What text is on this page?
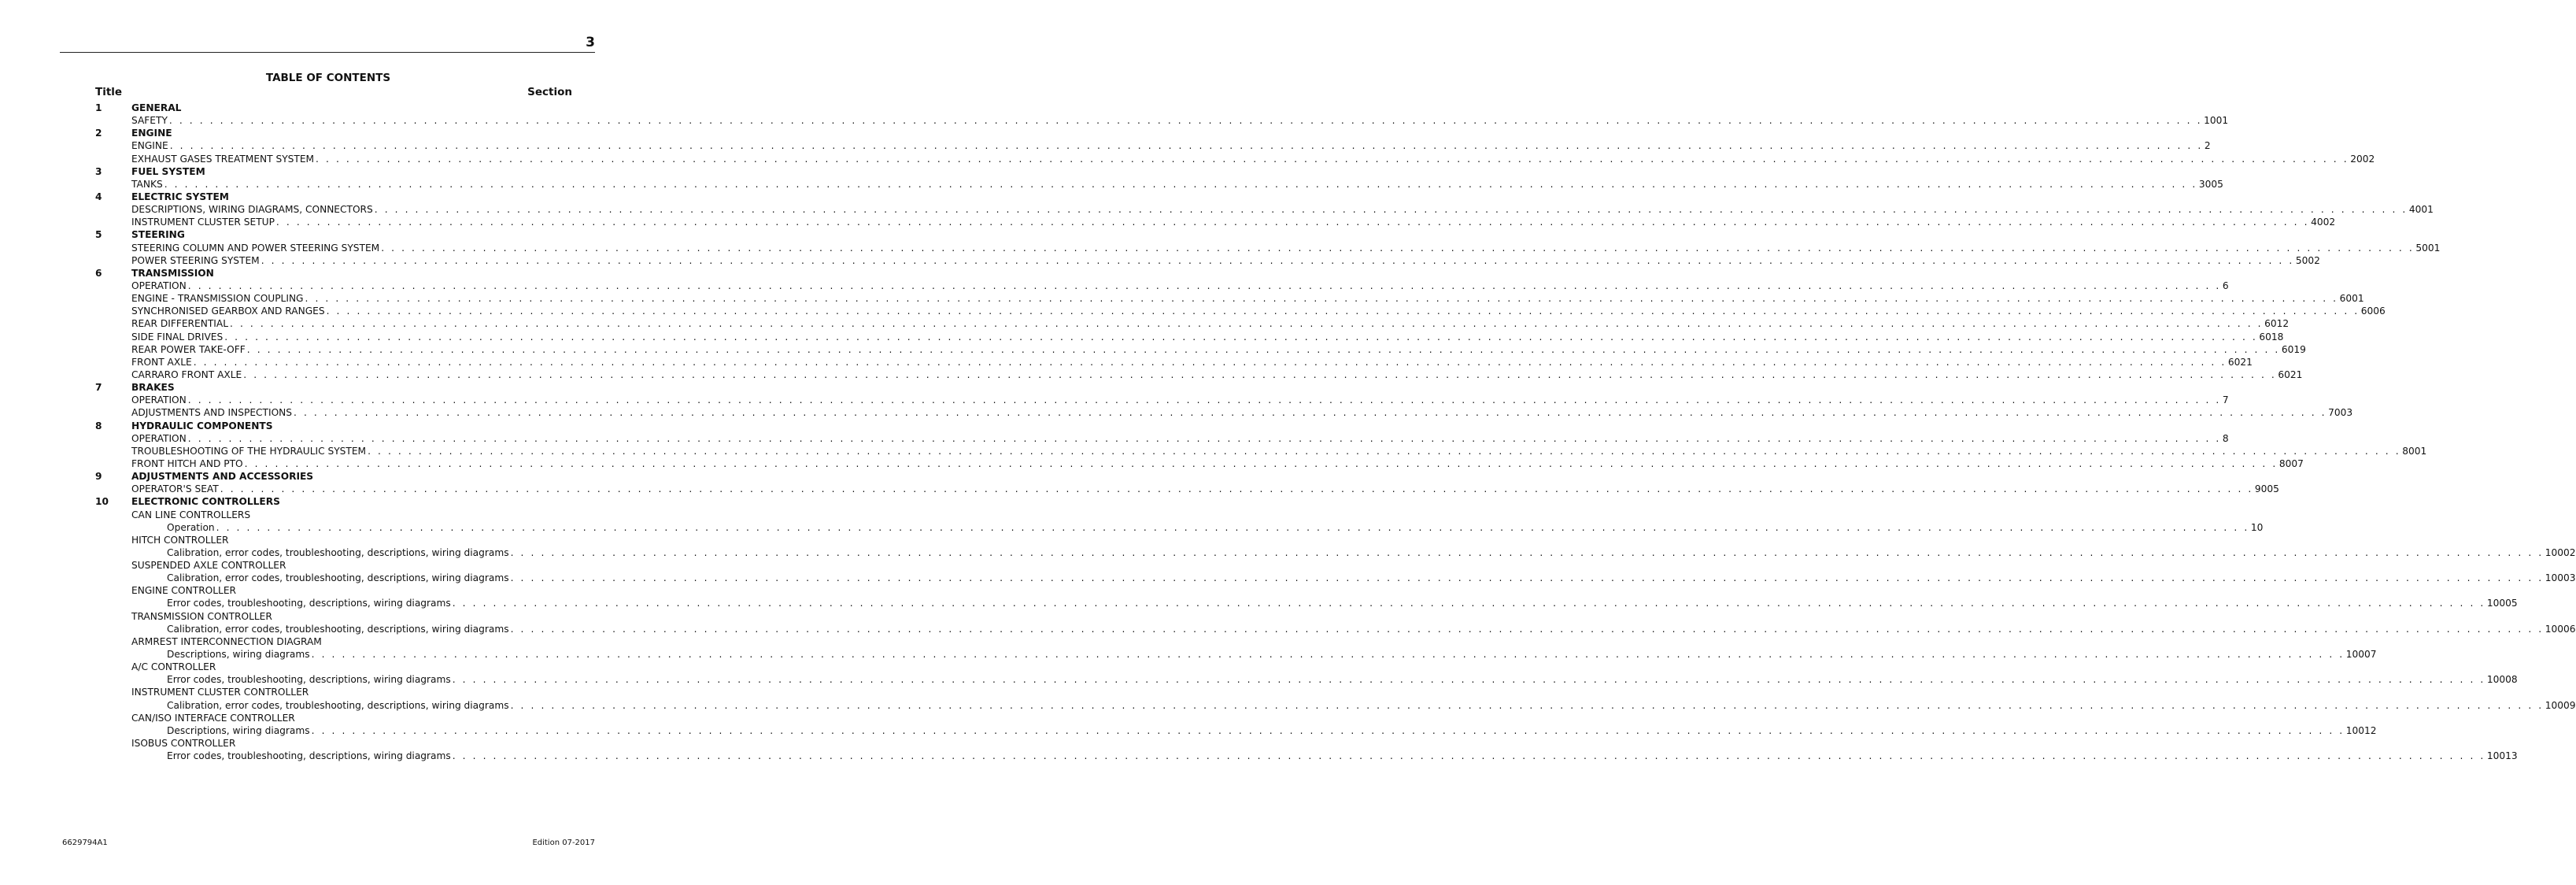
3
TABLE OF CONTENTS
Title	Section
1	GENERAL
SAFETY . . . . . . . . . . . . . . . . . . . . . . . . . . . . . . . . . . . . . . . . . . . . . . . . . . . . . . . . . . . . . . . . . . . . . . . . . . . . . . . . . . . . . . . . . . . . . . . . . . . . . . . . . . . . . . . . . . . . . . . . . . . . . . . . . . . . . . . . . . . . . . . . . . . . . . . . . . . . . . . . . . . . . . . . . . . . . . . . . . . . . . . . . . . . . . . . . . . . . . . . 1001
2	ENGINE
ENGINE . . . . . . . . . . . . . . . . . . . . . . . . . . . . . . . . . . . . . . . . . . . . . . . . . . . . . . . . . . . . . . . . . . . . . . . . . . . . . . . . . . . . . . . . . . . . . . . . . . . . . . . . . . . . . . . . . . . . . . . . . . . . . . . . . . . . . . . . . . . . . . . . . . . . . . . . . . . . . . . . . . . . . . . . . . . . . . . . . . . . . . . . . . . . . . . . . . . . . . . . 2
EXHAUST GASES TREATMENT SYSTEM . . . . . . . . . . . . . . . . . . . . . . . . . . . . . . . . . . . . . . . . . . . . . . . . . . . . . . . . . . . . . . . . . . . . . . . . . . . . . . . . . . . . . . . . . . . . . . . . . . . . . . . . . . . . . . . . . . . . . . . . . . . . . . . . . . . . . . . . . . . . . . . . . . . . . . . . . . . . . . . . . . . . . . . . . . . . . . . . . . . . . . . . . . . . . . . . . . . . . . . . 2002
3	FUEL SYSTEM
TANKS . . . . . . . . . . . . . . . . . . . . . . . . . . . . . . . . . . . . . . . . . . . . . . . . . . . . . . . . . . . . . . . . . . . . . . . . . . . . . . . . . . . . . . . . . . . . . . . . . . . . . . . . . . . . . . . . . . . . . . . . . . . . . . . . . . . . . . . . . . . . . . . . . . . . . . . . . . . . . . . . . . . . . . . . . . . . . . . . . . . . . . . . . . . . . . . . . . . . . . . . 3005
4	ELECTRIC SYSTEM
DESCRIPTIONS, WIRING DIAGRAMS, CONNECTORS . . . . . . . . . . . . . . . . . . . . . . . . . . . . . . . . . . . . . . . . . . . . . . . . . . . . . . . . . . . . . . . . . . . . . . . . . . . . . . . . . . . . . . . . . . . . . . . . . . . . . . . . . . . . . . . . . . . . . . . . . . . . . . . . . . . . . . . . . . . . . . . . . . . . . . . . . . . . . . . . . . . . . . . . . . . . . . . . . . . . . . . . . . . . . . . . . . . . . . . . 4001
INSTRUMENT CLUSTER SETUP . . . . . . . . . . . . . . . . . . . . . . . . . . . . . . . . . . . . . . . . . . . . . . . . . . . . . . . . . . . . . . . . . . . . . . . . . . . . . . . . . . . . . . . . . . . . . . . . . . . . . . . . . . . . . . . . . . . . . . . . . . . . . . . . . . . . . . . . . . . . . . . . . . . . . . . . . . . . . . . . . . . . . . . . . . . . . . . . . . . . . . . . . . . . . . . . . . . . . . . . 4002
5	STEERING
STEERING COLUMN AND POWER STEERING SYSTEM . . . . . . . . . . . . . . . . . . . . . . . . . . . . . . . . . . . . . . . . . . . . . . . . . . . . . . . . . . . . . . . . . . . . . . . . . . . . . . . . . . . . . . . . . . . . . . . . . . . . . . . . . . . . . . . . . . . . . . . . . . . . . . . . . . . . . . . . . . . . . . . . . . . . . . . . . . . . . . . . . . . . . . . . . . . . . . . . . . . . . . . . . . . . . . . . . . . . . . . . 5001
POWER STEERING SYSTEM . . . . . . . . . . . . . . . . . . . . . . . . . . . . . . . . . . . . . . . . . . . . . . . . . . . . . . . . . . . . . . . . . . . . . . . . . . . . . . . . . . . . . . . . . . . . . . . . . . . . . . . . . . . . . . . . . . . . . . . . . . . . . . . . . . . . . . . . . . . . . . . . . . . . . . . . . . . . . . . . . . . . . . . . . . . . . . . . . . . . . . . . . . . . . . . . . . . . . . . . 5002
6	TRANSMISSION
OPERATION . . . . . . . . . . . . . . . . . . . . . . . . . . . . . . . . . . . . . . . . . . . . . . . . . . . . . . . . . . . . . . . . . . . . . . . . . . . . . . . . . . . . . . . . . . . . . . . . . . . . . . . . . . . . . . . . . . . . . . . . . . . . . . . . . . . . . . . . . . . . . . . . . . . . . . . . . . . . . . . . . . . . . . . . . . . . . . . . . . . . . . . . . . . . . . . . . . . . . . . . 6
ENGINE - TRANSMISSION COUPLING . . . . . . . . . . . . . . . . . . . . . . . . . . . . . . . . . . . . . . . . . . . . . . . . . . . . . . . . . . . . . . . . . . . . . . . . . . . . . . . . . . . . . . . . . . . . . . . . . . . . . . . . . . . . . . . . . . . . . . . . . . . . . . . . . . . . . . . . . . . . . . . . . . . . . . . . . . . . . . . . . . . . . . . . . . . . . . . . . . . . . . . . . . . . . . . . . . . . . . . . 6001
SYNCHRONISED GEARBOX AND RANGES . . . . . . . . . . . . . . . . . . . . . . . . . . . . . . . . . . . . . . . . . . . . . . . . . . . . . . . . . . . . . . . . . . . . . . . . . . . . . . . . . . . . . . . . . . . . . . . . . . . . . . . . . . . . . . . . . . . . . . . . . . . . . . . . . . . . . . . . . . . . . . . . . . . . . . . . . . . . . . . . . . . . . . . . . . . . . . . . . . . . . . . . . . . . . . . . . . . . . . . . 6006
REAR DIFFERENTIAL . . . . . . . . . . . . . . . . . . . . . . . . . . . . . . . . . . . . . . . . . . . . . . . . . . . . . . . . . . . . . . . . . . . . . . . . . . . . . . . . . . . . . . . . . . . . . . . . . . . . . . . . . . . . . . . . . . . . . . . . . . . . . . . . . . . . . . . . . . . . . . . . . . . . . . . . . . . . . . . . . . . . . . . . . . . . . . . . . . . . . . . . . . . . . . . . . . . . . . . . 6012
SIDE FINAL DRIVES . . . . . . . . . . . . . . . . . . . . . . . . . . . . . . . . . . . . . . . . . . . . . . . . . . . . . . . . . . . . . . . . . . . . . . . . . . . . . . . . . . . . . . . . . . . . . . . . . . . . . . . . . . . . . . . . . . . . . . . . . . . . . . . . . . . . . . . . . . . . . . . . . . . . . . . . . . . . . . . . . . . . . . . . . . . . . . . . . . . . . . . . . . . . . . . . . . . . . . . . 6018
REAR POWER TAKE-OFF . . . . . . . . . . . . . . . . . . . . . . . . . . . . . . . . . . . . . . . . . . . . . . . . . . . . . . . . . . . . . . . . . . . . . . . . . . . . . . . . . . . . . . . . . . . . . . . . . . . . . . . . . . . . . . . . . . . . . . . . . . . . . . . . . . . . . . . . . . . . . . . . . . . . . . . . . . . . . . . . . . . . . . . . . . . . . . . . . . . . . . . . . . . . . . . . . . . . . . . . 6019
FRONT AXLE . . . . . . . . . . . . . . . . . . . . . . . . . . . . . . . . . . . . . . . . . . . . . . . . . . . . . . . . . . . . . . . . . . . . . . . . . . . . . . . . . . . . . . . . . . . . . . . . . . . . . . . . . . . . . . . . . . . . . . . . . . . . . . . . . . . . . . . . . . . . . . . . . . . . . . . . . . . . . . . . . . . . . . . . . . . . . . . . . . . . . . . . . . . . . . . . . . . . . . . . 6021
CARRARO FRONT AXLE . . . . . . . . . . . . . . . . . . . . . . . . . . . . . . . . . . . . . . . . . . . . . . . . . . . . . . . . . . . . . . . . . . . . . . . . . . . . . . . . . . . . . . . . . . . . . . . . . . . . . . . . . . . . . . . . . . . . . . . . . . . . . . . . . . . . . . . . . . . . . . . . . . . . . . . . . . . . . . . . . . . . . . . . . . . . . . . . . . . . . . . . . . . . . . . . . . . . . . . . 6021
7	BRAKES
OPERATION . . . . . . . . . . . . . . . . . . . . . . . . . . . . . . . . . . . . . . . . . . . . . . . . . . . . . . . . . . . . . . . . . . . . . . . . . . . . . . . . . . . . . . . . . . . . . . . . . . . . . . . . . . . . . . . . . . . . . . . . . . . . . . . . . . . . . . . . . . . . . . . . . . . . . . . . . . . . . . . . . . . . . . . . . . . . . . . . . . . . . . . . . . . . . . . . . . . . . . . . 7
ADJUSTMENTS AND INSPECTIONS . . . . . . . . . . . . . . . . . . . . . . . . . . . . . . . . . . . . . . . . . . . . . . . . . . . . . . . . . . . . . . . . . . . . . . . . . . . . . . . . . . . . . . . . . . . . . . . . . . . . . . . . . . . . . . . . . . . . . . . . . . . . . . . . . . . . . . . . . . . . . . . . . . . . . . . . . . . . . . . . . . . . . . . . . . . . . . . . . . . . . . . . . . . . . . . . . . . . . . . . 7003
8	HYDRAULIC COMPONENTS
OPERATION . . . . . . . . . . . . . . . . . . . . . . . . . . . . . . . . . . . . . . . . . . . . . . . . . . . . . . . . . . . . . . . . . . . . . . . . . . . . . . . . . . . . . . . . . . . . . . . . . . . . . . . . . . . . . . . . . . . . . . . . . . . . . . . . . . . . . . . . . . . . . . . . . . . . . . . . . . . . . . . . . . . . . . . . . . . . . . . . . . . . . . . . . . . . . . . . . . . . . . . . 8
TROUBLESHOOTING OF THE HYDRAULIC SYSTEM . . . . . . . . . . . . . . . . . . . . . . . . . . . . . . . . . . . . . . . . . . . . . . . . . . . . . . . . . . . . . . . . . . . . . . . . . . . . . . . . . . . . . . . . . . . . . . . . . . . . . . . . . . . . . . . . . . . . . . . . . . . . . . . . . . . . . . . . . . . . . . . . . . . . . . . . . . . . . . . . . . . . . . . . . . . . . . . . . . . . . . . . . . . . . . . . . . . . . . . . 8001
FRONT HITCH AND PTO . . . . . . . . . . . . . . . . . . . . . . . . . . . . . . . . . . . . . . . . . . . . . . . . . . . . . . . . . . . . . . . . . . . . . . . . . . . . . . . . . . . . . . . . . . . . . . . . . . . . . . . . . . . . . . . . . . . . . . . . . . . . . . . . . . . . . . . . . . . . . . . . . . . . . . . . . . . . . . . . . . . . . . . . . . . . . . . . . . . . . . . . . . . . . . . . . . . . . . . . 8007
9	ADJUSTMENTS AND ACCESSORIES
OPERATOR'S SEAT . . . . . . . . . . . . . . . . . . . . . . . . . . . . . . . . . . . . . . . . . . . . . . . . . . . . . . . . . . . . . . . . . . . . . . . . . . . . . . . . . . . . . . . . . . . . . . . . . . . . . . . . . . . . . . . . . . . . . . . . . . . . . . . . . . . . . . . . . . . . . . . . . . . . . . . . . . . . . . . . . . . . . . . . . . . . . . . . . . . . . . . . . . . . . . . . . . . . . . . . 9005
10 ELECTRONIC CONTROLLERS
CAN LINE CONTROLLERS
Operation . . . . . . . . . . . . . . . . . . . . . . . . . . . . . . . . . . . . . . . . . . . . . . . . . . . . . . . . . . . . . . . . . . . . . . . . . . . . . . . . . . . . . . . . . . . . . . . . . . . . . . . . . . . . . . . . . . . . . . . . . . . . . . . . . . . . . . . . . . . . . . . . . . . . . . . . . . . . . . . . . . . . . . . . . . . . . . . . . . . . . . . . . . . . . . . . . . . . . . . . 10
HITCH CONTROLLER
Calibration, error codes, troubleshooting, descriptions, wiring diagrams . . . . . . . . . . . . . . . . . . . . . . . . . . . . . . . . . . . . . . . . . . . . . . . . . . . . . . . . . . . . . . . . . . . . . . . . . . . . . . . . . . . . . . . . . . . . . . . . . . . . . . . . . . . . . . . . . . . . . . . . . . . . . . . . . . . . . . . . . . . . . . . . . . . . . . . . . . . . . . . . . . . . . . . . . . . . . . . . . . . . . . . . . . . . . . . . . . . . . . . . 10002
SUSPENDED AXLE CONTROLLER
Calibration, error codes, troubleshooting, descriptions, wiring diagrams . . . . . . . . . . . . . . . . . . . . . . . . . . . . . . . . . . . . . . . . . . . . . . . . . . . . . . . . . . . . . . . . . . . . . . . . . . . . . . . . . . . . . . . . . . . . . . . . . . . . . . . . . . . . . . . . . . . . . . . . . . . . . . . . . . . . . . . . . . . . . . . . . . . . . . . . . . . . . . . . . . . . . . . . . . . . . . . . . . . . . . . . . . . . . . . . . . . . . . . . 10003
ENGINE CONTROLLER
Error codes, troubleshooting, descriptions, wiring diagrams . . . . . . . . . . . . . . . . . . . . . . . . . . . . . . . . . . . . . . . . . . . . . . . . . . . . . . . . . . . . . . . . . . . . . . . . . . . . . . . . . . . . . . . . . . . . . . . . . . . . . . . . . . . . . . . . . . . . . . . . . . . . . . . . . . . . . . . . . . . . . . . . . . . . . . . . . . . . . . . . . . . . . . . . . . . . . . . . . . . . . . . . . . . . . . . . . . . . . . . . 10005
TRANSMISSION CONTROLLER
Calibration, error codes, troubleshooting, descriptions, wiring diagrams . . . . . . . . . . . . . . . . . . . . . . . . . . . . . . . . . . . . . . . . . . . . . . . . . . . . . . . . . . . . . . . . . . . . . . . . . . . . . . . . . . . . . . . . . . . . . . . . . . . . . . . . . . . . . . . . . . . . . . . . . . . . . . . . . . . . . . . . . . . . . . . . . . . . . . . . . . . . . . . . . . . . . . . . . . . . . . . . . . . . . . . . . . . . . . . . . . . . . . . . 10006
ARMREST INTERCONNECTION DIAGRAM
Descriptions, wiring diagrams . . . . . . . . . . . . . . . . . . . . . . . . . . . . . . . . . . . . . . . . . . . . . . . . . . . . . . . . . . . . . . . . . . . . . . . . . . . . . . . . . . . . . . . . . . . . . . . . . . . . . . . . . . . . . . . . . . . . . . . . . . . . . . . . . . . . . . . . . . . . . . . . . . . . . . . . . . . . . . . . . . . . . . . . . . . . . . . . . . . . . . . . . . . . . . . . . . . . . . . . 10007
A/C CONTROLLER
Error codes, troubleshooting, descriptions, wiring diagrams . . . . . . . . . . . . . . . . . . . . . . . . . . . . . . . . . . . . . . . . . . . . . . . . . . . . . . . . . . . . . . . . . . . . . . . . . . . . . . . . . . . . . . . . . . . . . . . . . . . . . . . . . . . . . . . . . . . . . . . . . . . . . . . . . . . . . . . . . . . . . . . . . . . . . . . . . . . . . . . . . . . . . . . . . . . . . . . . . . . . . . . . . . . . . . . . . . . . . . . . 10008
INSTRUMENT CLUSTER CONTROLLER
Calibration, error codes, troubleshooting, descriptions, wiring diagrams . . . . . . . . . . . . . . . . . . . . . . . . . . . . . . . . . . . . . . . . . . . . . . . . . . . . . . . . . . . . . . . . . . . . . . . . . . . . . . . . . . . . . . . . . . . . . . . . . . . . . . . . . . . . . . . . . . . . . . . . . . . . . . . . . . . . . . . . . . . . . . . . . . . . . . . . . . . . . . . . . . . . . . . . . . . . . . . . . . . . . . . . . . . . . . . . . . . . . . . . 10009
CAN/ISO INTERFACE CONTROLLER
Descriptions, wiring diagrams . . . . . . . . . . . . . . . . . . . . . . . . . . . . . . . . . . . . . . . . . . . . . . . . . . . . . . . . . . . . . . . . . . . . . . . . . . . . . . . . . . . . . . . . . . . . . . . . . . . . . . . . . . . . . . . . . . . . . . . . . . . . . . . . . . . . . . . . . . . . . . . . . . . . . . . . . . . . . . . . . . . . . . . . . . . . . . . . . . . . . . . . . . . . . . . . . . . . . . . . 10012
ISOBUS CONTROLLER
Error codes, troubleshooting, descriptions, wiring diagrams . . . . . . . . . . . . . . . . . . . . . . . . . . . . . . . . . . . . . . . . . . . . . . . . . . . . . . . . . . . . . . . . . . . . . . . . . . . . . . . . . . . . . . . . . . . . . . . . . . . . . . . . . . . . . . . . . . . . . . . . . . . . . . . . . . . . . . . . . . . . . . . . . . . . . . . . . . . . . . . . . . . . . . . . . . . . . . . . . . . . . . . . . . . . . . . . . . . . . . . . 10013
6629794A1	Edition 07-2017
